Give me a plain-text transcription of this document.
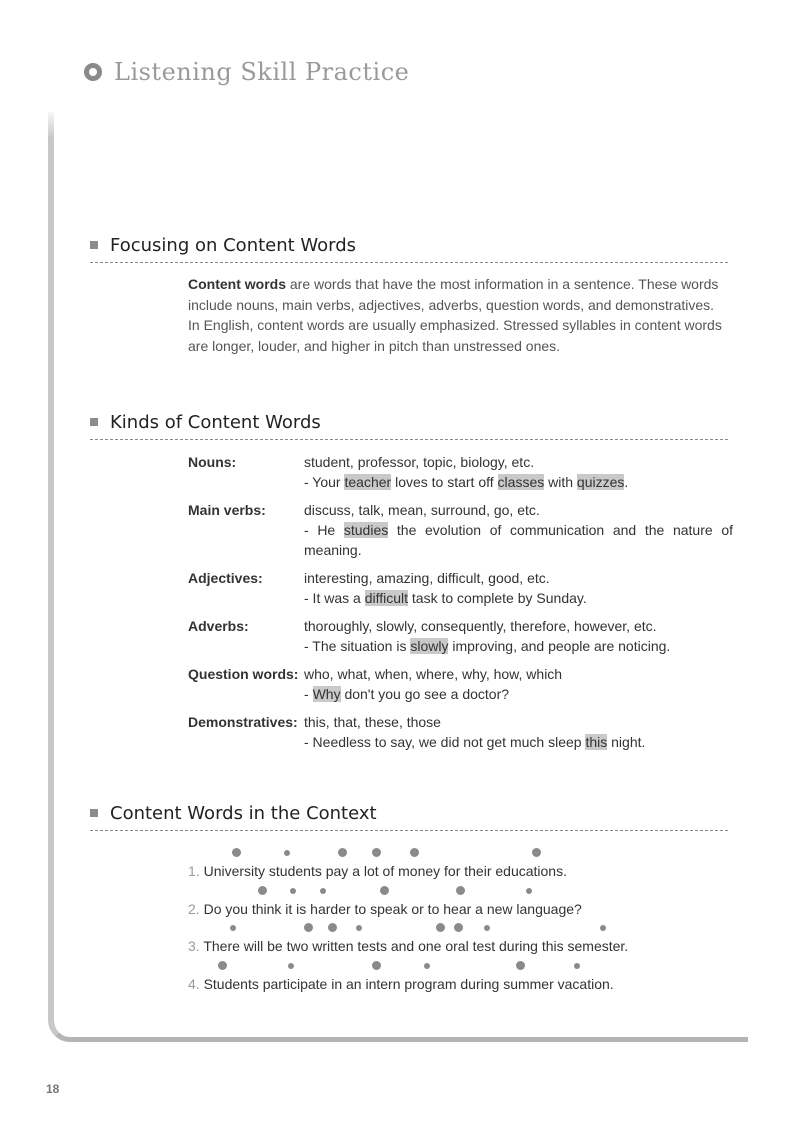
Listening Skill Practice
Focusing on Content Words
Content words are words that have the most information in a sentence. These words include nouns, main verbs, adjectives, adverbs, question words, and demonstratives. In English, content words are usually emphasized. Stressed syllables in content words are longer, louder, and higher in pitch than unstressed ones.
Kinds of Content Words
Nouns:	student, professor, topic, biology, etc.
- Your teacher loves to start off classes with quizzes.
Main verbs:	discuss, talk, mean, surround, go, etc.
- He studies the evolution of communication and the nature of meaning.
Adjectives:	interesting, amazing, difficult, good, etc.
- It was a difficult task to complete by Sunday.
Adverbs:	thoroughly, slowly, consequently, therefore, however, etc.
- The situation is slowly improving, and people are noticing.
Question words: who, what, when, where, why, how, which
- Why don't you go see a doctor?
Demonstratives: this, that, these, those
- Needless to say, we did not get much sleep this night.
Content Words in the Context
1. University students pay a lot of money for their educations.
2. Do you think it is harder to speak or to hear a new language?
3. There will be two written tests and one oral test during this semester.
4. Students participate in an intern program during summer vacation.
18
